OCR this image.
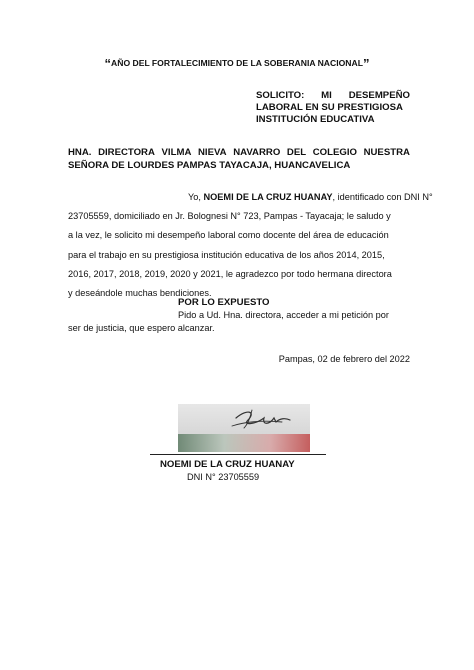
“AÑO DEL FORTALECIMIENTO DE LA SOBERANIA NACIONAL”
SOLICITO: MI DESEMPEÑO
LABORAL EN SU PRESTIGIOSA
INSTITUCIÓN EDUCATIVA
HNA. DIRECTORA VILMA NIEVA NAVARRO DEL COLEGIO NUESTRA
SEÑORA DE LOURDES PAMPAS TAYACAJA, HUANCAVELICA
Yo, NOEMI DE LA CRUZ HUANAY, identificado con DNI N°
23705559, domiciliado en Jr. Bolognesi N° 723, Pampas - Tayacaja; le saludo y
a la vez, le solicito mi desempeño laboral como docente del área de educación
para el trabajo en su prestigiosa institución educativa de los años 2014, 2015,
2016, 2017, 2018, 2019, 2020 y 2021, le agradezco por todo hermana directora
y deseándole muchas bendiciones.
POR LO EXPUESTO
Pido a Ud. Hna. directora, acceder a mi petición por
ser de justicia, que espero alcanzar.
Pampas, 02 de febrero del 2022
NOEMI DE LA CRUZ HUANAY
DNI N° 23705559
